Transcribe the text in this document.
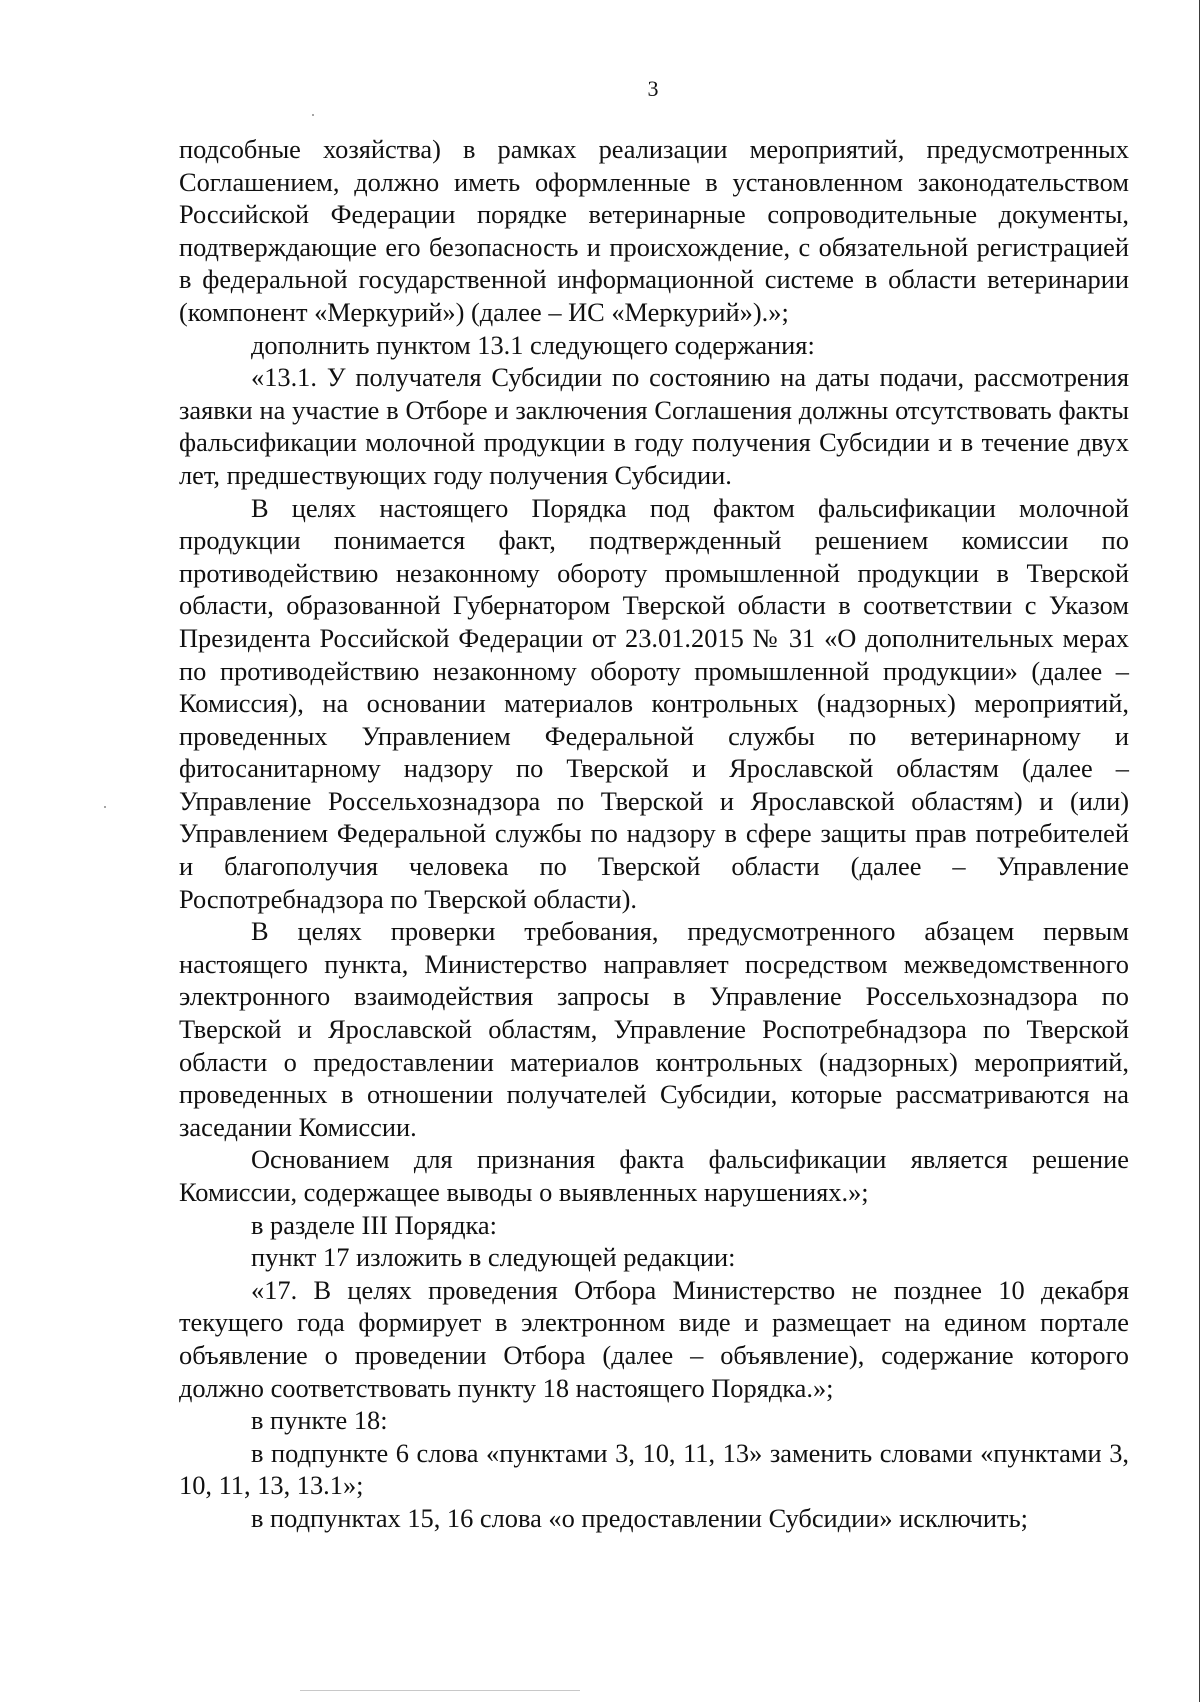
3

подсобные хозяйства) в рамках реализации мероприятий, предусмотренных Соглашением, должно иметь оформленные в установленном законодательством Российской Федерации порядке ветеринарные сопроводительные документы, подтверждающие его безопасность и происхождение, с обязательной регистрацией в федеральной государственной информационной системе в области ветеринарии (компонент «Меркурий») (далее – ИС «Меркурий»).»;

дополнить пунктом 13.1 следующего содержания:

«13.1. У получателя Субсидии по состоянию на даты подачи, рассмотрения заявки на участие в Отборе и заключения Соглашения должны отсутствовать факты фальсификации молочной продукции в году получения Субсидии и в течение двух лет, предшествующих году получения Субсидии.

В целях настоящего Порядка под фактом фальсификации молочной продукции понимается факт, подтвержденный решением комиссии по противодействию незаконному обороту промышленной продукции в Тверской области, образованной Губернатором Тверской области в соответствии с Указом Президента Российской Федерации от 23.01.2015 № 31 «О дополнительных мерах по противодействию незаконному обороту промышленной продукции» (далее – Комиссия), на основании материалов контрольных (надзорных) мероприятий, проведенных Управлением Федеральной службы по ветеринарному и фитосанитарному надзору по Тверской и Ярославской областям (далее – Управление Россельхознадзора по Тверской и Ярославской областям) и (или) Управлением Федеральной службы по надзору в сфере защиты прав потребителей и благополучия человека по Тверской области (далее – Управление Роспотребнадзора по Тверской области).

В целях проверки требования, предусмотренного абзацем первым настоящего пункта, Министерство направляет посредством межведомственного электронного взаимодействия запросы в Управление Россельхознадзора по Тверской и Ярославской областям, Управление Роспотребнадзора по Тверской области о предоставлении материалов контрольных (надзорных) мероприятий, проведенных в отношении получателей Субсидии, которые рассматриваются на заседании Комиссии.

Основанием для признания факта фальсификации является решение Комиссии, содержащее выводы о выявленных нарушениях.»;

в разделе III Порядка:

пункт 17 изложить в следующей редакции:

«17. В целях проведения Отбора Министерство не позднее 10 декабря текущего года формирует в электронном виде и размещает на едином портале объявление о проведении Отбора (далее – объявление), содержание которого должно соответствовать пункту 18 настоящего Порядка.»;

в пункте 18:

в подпункте 6 слова «пунктами 3, 10, 11, 13» заменить словами «пунктами 3, 10, 11, 13, 13.1»;

в подпунктах 15, 16 слова «о предоставлении Субсидии» исключить;
